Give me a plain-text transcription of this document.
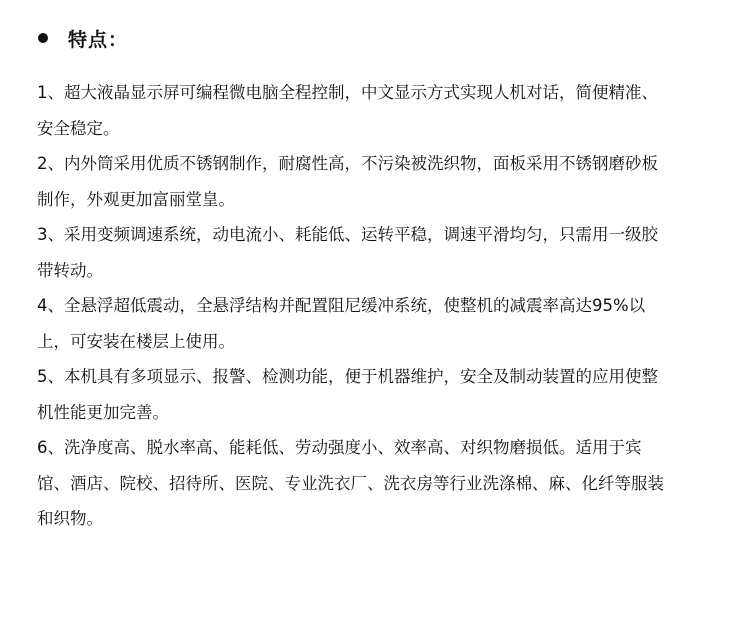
特点：
1、超大液晶显示屏可编程微电脑全程控制，中文显示方式实现人机对话，简便精准、安全稳定。
2、内外筒采用优质不锈钢制作，耐腐性高，不污染被洗织物，面板采用不锈钢磨砂板制作，外观更加富丽堂皇。
3、采用变频调速系统，动电流小、耗能低、运转平稳，调速平滑均匀，只需用一级胶带转动。
4、全悬浮超低震动，全悬浮结构并配置阻尼缓冲系统，使整机的减震率高达95%以上，可安装在楼层上使用。
5、本机具有多项显示、报警、检测功能，便于机器维护，安全及制动装置的应用使整机性能更加完善。
6、洗净度高、脱水率高、能耗低、劳动强度小、效率高、对织物磨损低。适用于宾馆、酒店、院校、招待所、医院、专业洗衣厂、洗衣房等行业洗涤棉、麻、化纤等服装和织物。
